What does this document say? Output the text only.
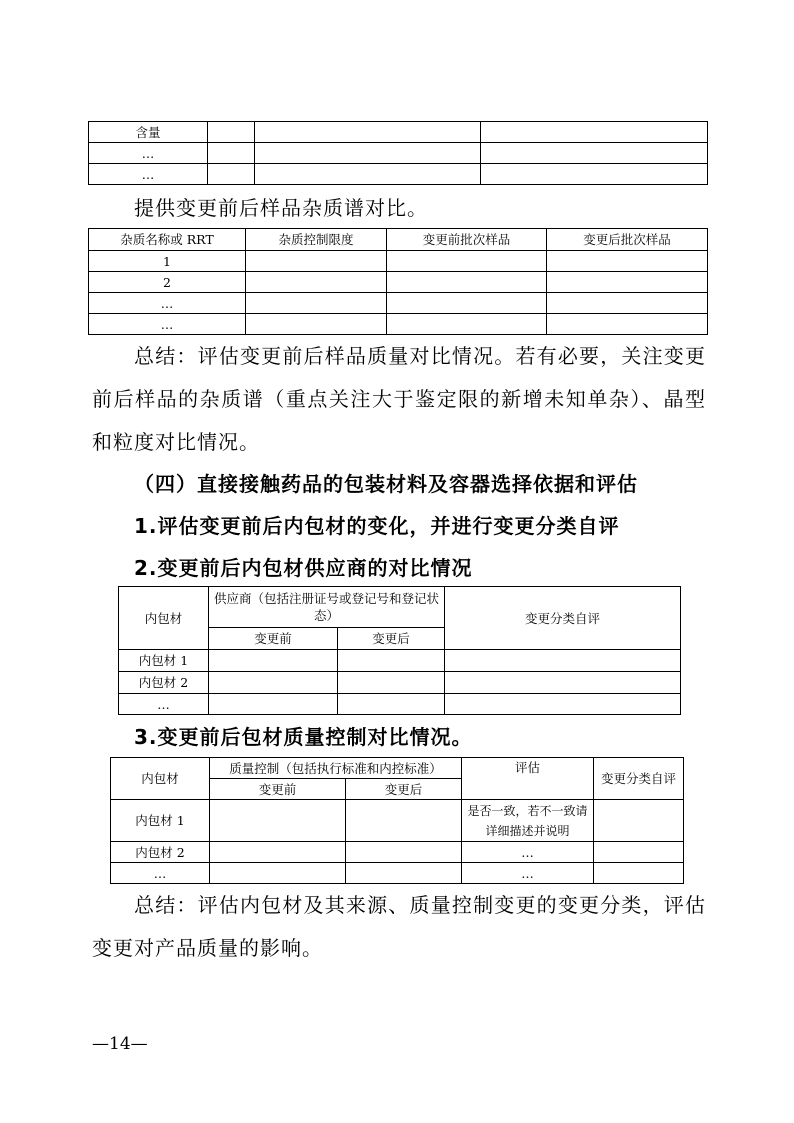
含量			
…			
…			
提供变更前后样品杂质谱对比。
杂质名称或 RRT	杂质控制限度	变更前批次样品	变更后批次样品
1			
2			
…			
…			
总结：评估变更前后样品质量对比情况。若有必要，关注变更前后样品的杂质谱（重点关注大于鉴定限的新增未知单杂）、晶型和粒度对比情况。
（四）直接接触药品的包装材料及容器选择依据和评估
1.评估变更前后内包材的变化，并进行变更分类自评
2.变更前后内包材供应商的对比情况
内包材	供应商（包括注册证号或登记号和登记状态）		变更分类自评
	变更前	变更后	
内包材 1			
内包材 2			
…			
3.变更前后包材质量控制对比情况。
内包材	质量控制（包括执行标准和内控标准）		评估	变更分类自评
	变更前	变更后		
内包材 1			是否一致，若不一致请详细描述并说明	
内包材 2			…	
…			…	
总结：评估内包材及其来源、质量控制变更的变更分类，评估变更对产品质量的影响。
—14—
